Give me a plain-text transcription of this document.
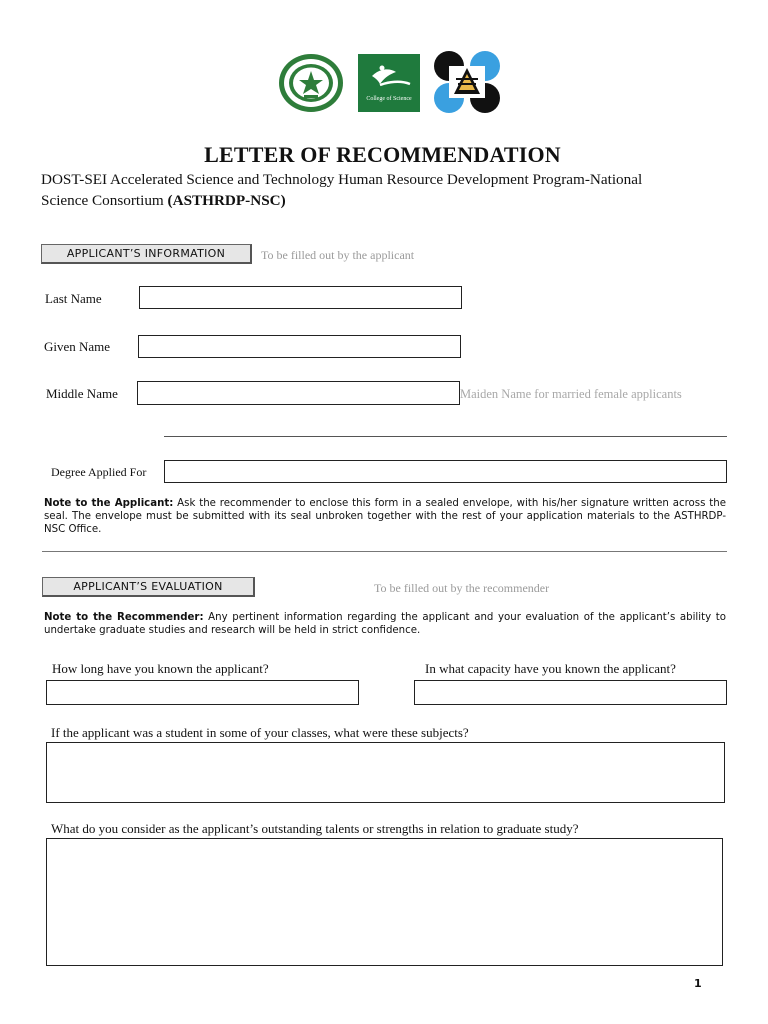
College of Science
LETTER OF RECOMMENDATION
DOST-SEI Accelerated Science and Technology Human Resource Development Program-National
Science Consortium (ASTHRDP-NSC)
APPLICANT’S INFORMATION	To be filled out by the applicant
Last Name
Given Name
Middle Name	Maiden Name for married female applicants
Degree Applied For
Note to the Applicant: Ask the recommender to enclose this form in a sealed envelope, with his/her signature written across the seal. The envelope must be submitted with its seal unbroken together with the rest of your application materials to the ASTHRDP-NSC Office.
APPLICANT’S EVALUATION	To be filled out by the recommender
Note to the Recommender: Any pertinent information regarding the applicant and your evaluation of the applicant’s ability to undertake graduate studies and research will be held in strict confidence.
How long have you known the applicant?	In what capacity have you known the applicant?
If the applicant was a student in some of your classes, what were these subjects?
What do you consider as the applicant’s outstanding talents or strengths in relation to graduate study?
1
